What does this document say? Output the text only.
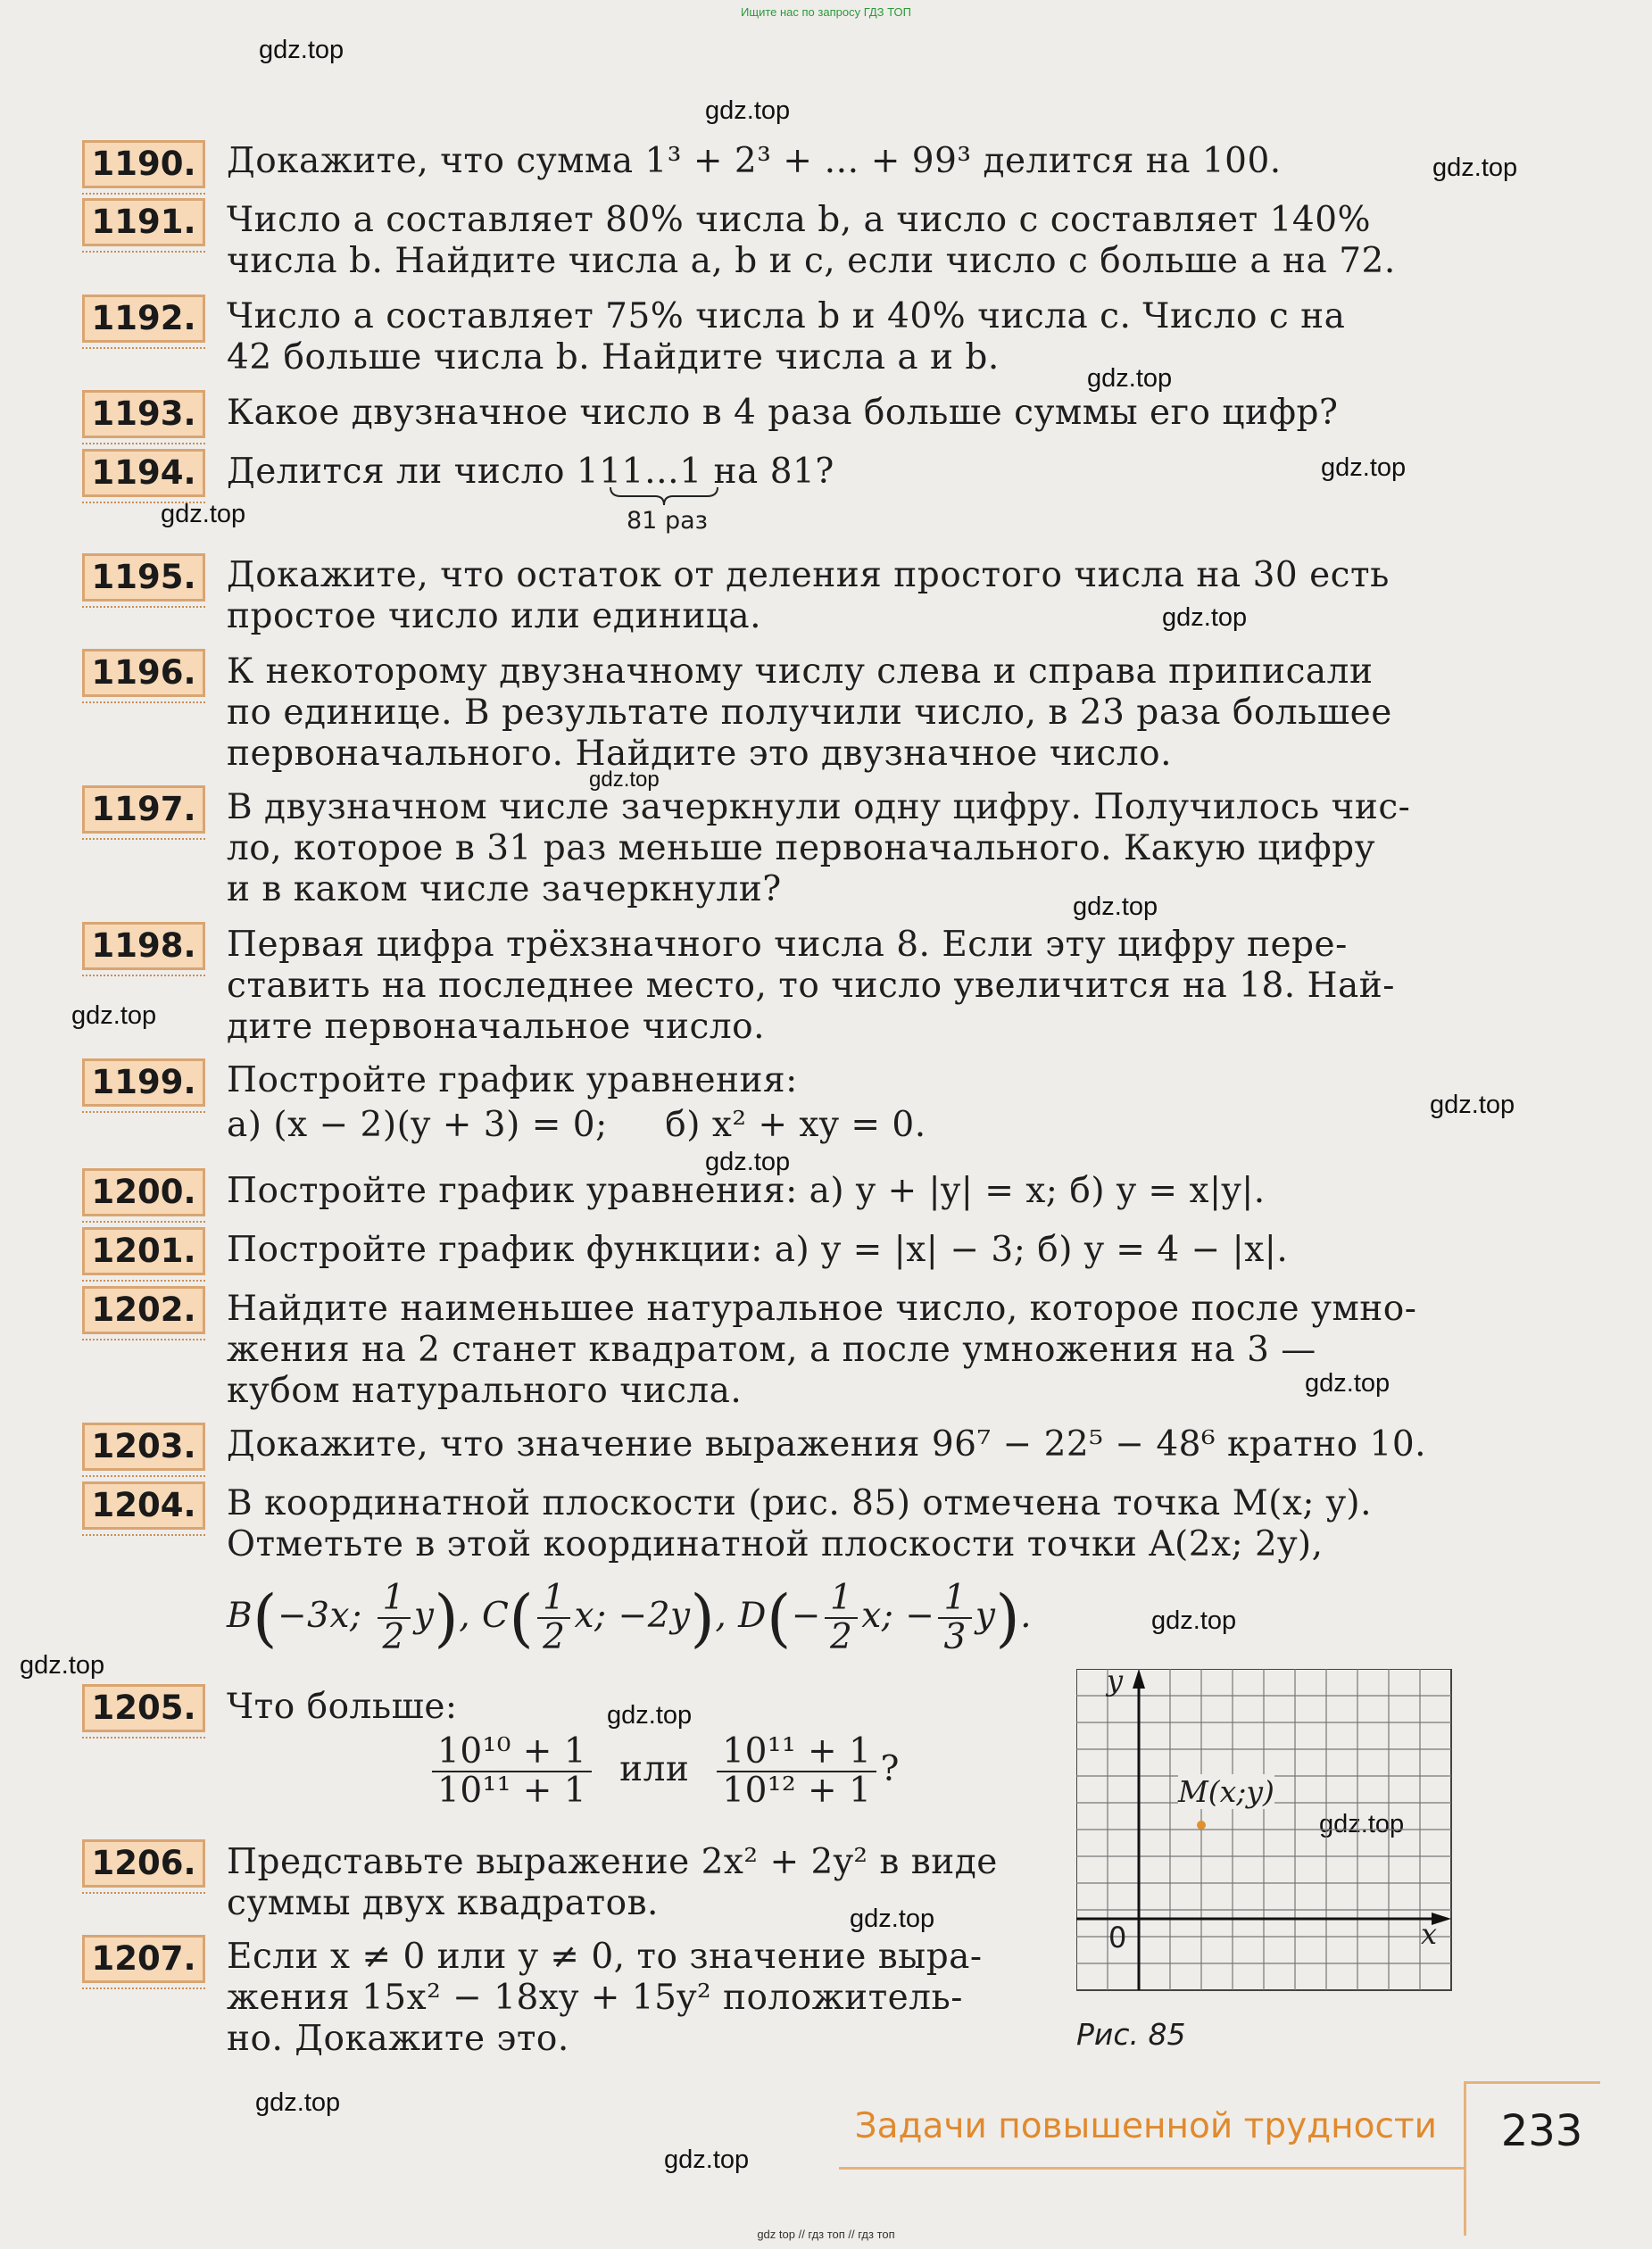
Ищите нас по запросу ГДЗ ТОП
gdz.top
gdz.top
gdz.top
gdz.top
gdz.top
gdz.top
gdz.top
gdz.top
gdz.top
gdz.top
gdz.top
gdz.top
gdz.top
gdz.top
gdz.top
gdz.top
gdz.top
gdz.top
gdz.top
gdz.top
1190. Докажите, что сумма 1³ + 2³ + … + 99³ делится на 100.
1191. Число a составляет 80% числа b, а число c составляет 140%
числа b. Найдите числа a, b и c, если число c больше a на 72.
1192. Число a составляет 75% числа b и 40% числа c. Число c на
42 больше числа b. Найдите числа a и b.
1193. Какое двузначное число в 4 раза больше суммы его цифр?
1194. Делится ли число 111…1 на 81?
81 раз
1195. Докажите, что остаток от деления простого числа на 30 есть
простое число или единица.
1196. К некоторому двузначному числу слева и справа приписали
по единице. В результате получили число, в 23 раза большее
первоначального. Найдите это двузначное число.
1197. В двузначном числе зачеркнули одну цифру. Получилось чис-
ло, которое в 31 раз меньше первоначального. Какую цифру
и в каком числе зачеркнули?
1198. Первая цифра трёхзначного числа 8. Если эту цифру пере-
ставить на последнее место, то число увеличится на 18. Най-
дите первоначальное число.
1199. Постройте график уравнения:
а) (x − 2)(y + 3) = 0;     б) x² + xy = 0.
1200. Постройте график уравнения: а) y + |y| = x; б) y = x|y|.
1201. Постройте график функции: а) y = |x| − 3; б) y = 4 − |x|.
1202. Найдите наименьшее натуральное число, которое после умно-
жения на 2 станет квадратом, а после умножения на 3 —
кубом натурального числа.
1203. Докажите, что значение выражения 96⁷ − 22⁵ − 48⁶ кратно 10.
1204. В координатной плоскости (рис. 85) отмечена точка M(x; y).
Отметьте в этой координатной плоскости точки A(2x; 2y),
B(−3x; $\frac{1}{2} y$), $C( \frac{1}{2} x$; −2y), $D(- \frac{1}{2} x$; − $\frac{1}{3} y$).
1205. Что больше:
$\frac{\text{10¹⁰ + 1}}{\text{10¹¹ + 1}}$ или $\frac{\text{10¹¹ + 1}}{\text{10¹² + 1}}$ ?
1206. Представьте выражение 2x² + 2y² в виде
суммы двух квадратов.
1207. Если x ≠ 0 или y ≠ 0, то значение выра-
жения 15x² − 18xy + 15y² положитель-
но. Докажите это.
y
x
0
M(x;y)
Рис. 85
Задачи повышенной трудности	233
gdz top // гдз топ // гдз топ
